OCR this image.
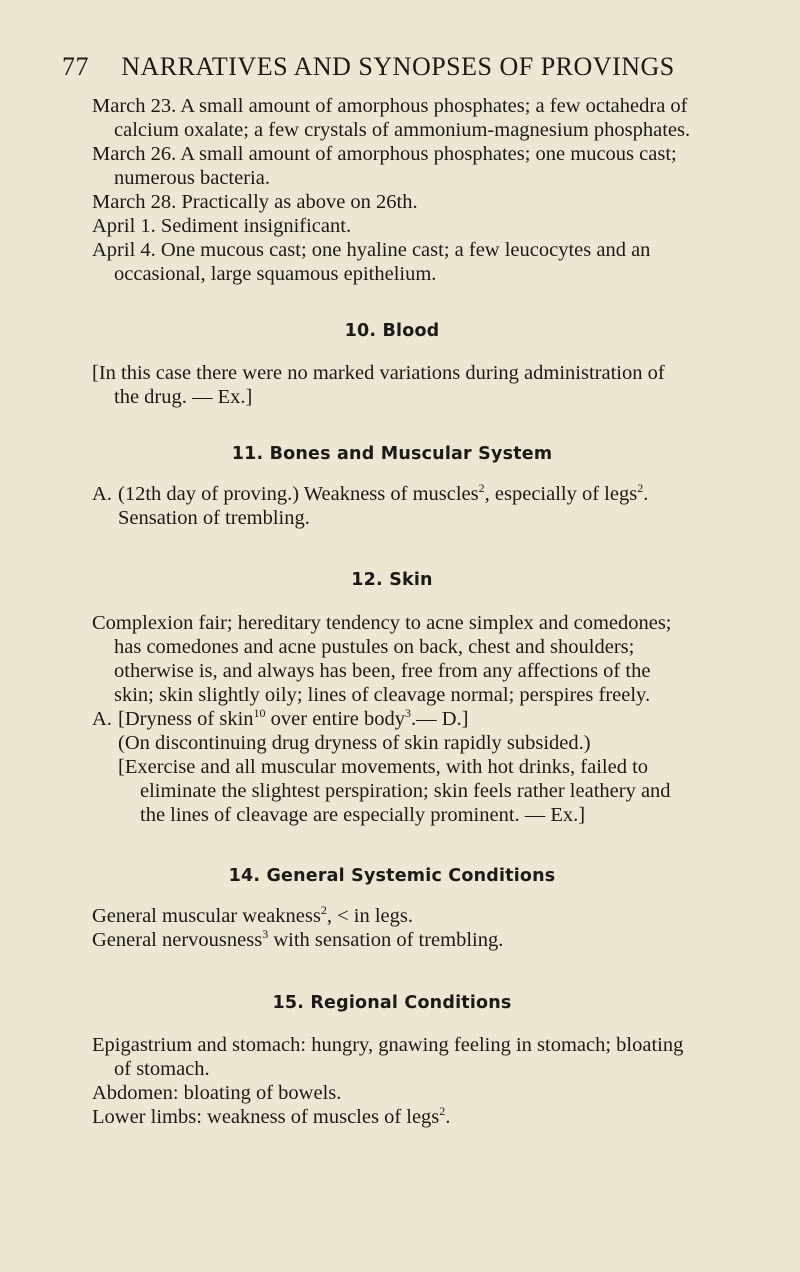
77	NARRATIVES AND SYNOPSES OF PROVINGS

March 23. A small amount of amorphous phosphates; a few octahedra of calcium oxalate; a few crystals of ammonium-magnesium phosphates.

March 26. A small amount of amorphous phosphates; one mucous cast; numerous bacteria.

March 28. Practically as above on 26th.

April 1. Sediment insignificant.

April 4. One mucous cast; one hyaline cast; a few leucocytes and an occasional, large squamous epithelium.

10. Blood

[In this case there were no marked variations during administration of the drug. — Ex.]

11. Bones and Muscular System

A. (12th day of proving.) Weakness of muscles$^2$, especially of legs$^2$.

Sensation of trembling.

12. Skin

Complexion fair; hereditary tendency to acne simplex and comedones; has comedones and acne pustules on back, chest and shoulders; otherwise is, and always has been, free from any affections of the skin; skin slightly oily; lines of cleavage normal; perspires freely.

A. [Dryness of skin$^{10}$ over entire body$^3$.— D.]

(On discontinuing drug dryness of skin rapidly subsided.)

[Exercise and all muscular movements, with hot drinks, failed to eliminate the slightest perspiration; skin feels rather leathery and the lines of cleavage are especially prominent. — Ex.]

14. General Systemic Conditions

General muscular weakness$^2$, < in legs.

General nervousness$^3$ with sensation of trembling.

15. Regional Conditions

Epigastrium and stomach: hungry, gnawing feeling in stomach; bloating of stomach.

Abdomen: bloating of bowels.

Lower limbs: weakness of muscles of legs$^2$.
